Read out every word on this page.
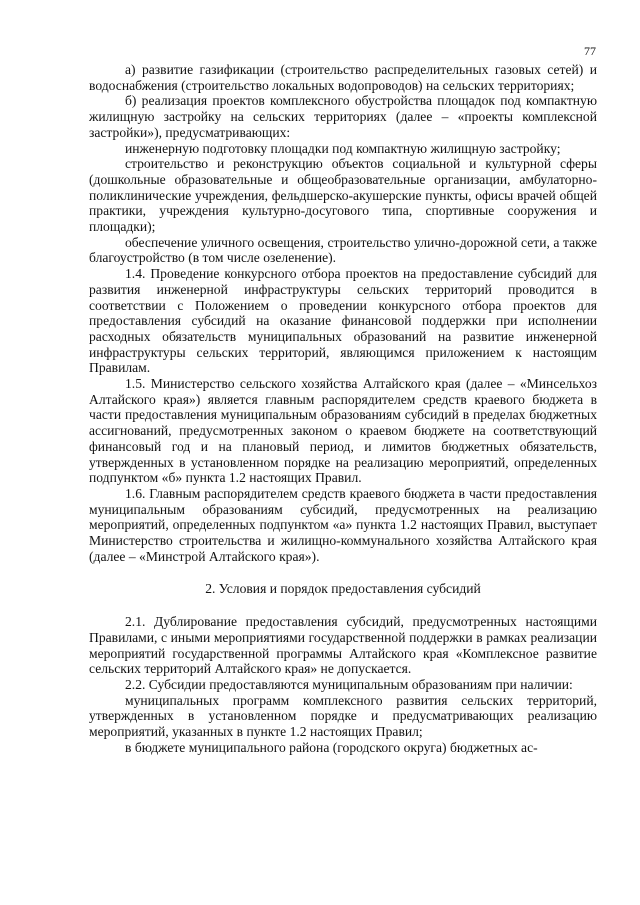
77

а) развитие газификации (строительство распределительных газовых сетей) и водоснабжения (строительство локальных водопроводов) на сельских территориях;

б) реализация проектов комплексного обустройства площадок под компактную жилищную застройку на сельских территориях (далее – «проекты комплексной застройки»), предусматривающих:

инженерную подготовку площадки под компактную жилищную застройку;

строительство и реконструкцию объектов социальной и культурной сферы (дошкольные образовательные и общеобразовательные организации, амбулаторно-поликлинические учреждения, фельдшерско-акушерские пункты, офисы врачей общей практики, учреждения культурно-досугового типа, спортивные сооружения и площадки);

обеспечение уличного освещения, строительство улично-дорожной сети, а также благоустройство (в том числе озеленение).

1.4. Проведение конкурсного отбора проектов на предоставление субсидий для развития инженерной инфраструктуры сельских территорий проводится в соответствии с Положением о проведении конкурсного отбора проектов для предоставления субсидий на оказание финансовой поддержки при исполнении расходных обязательств муниципальных образований на развитие инженерной инфраструктуры сельских территорий, являющимся приложением к настоящим Правилам.

1.5. Министерство сельского хозяйства Алтайского края (далее – «Минсельхоз Алтайского края») является главным распорядителем средств краевого бюджета в части предоставления муниципальным образованиям субсидий в пределах бюджетных ассигнований, предусмотренных законом о краевом бюджете на соответствующий финансовый год и на плановый период, и лимитов бюджетных обязательств, утвержденных в установленном порядке на реализацию мероприятий, определенных подпунктом «б» пункта 1.2 настоящих Правил.

1.6. Главным распорядителем средств краевого бюджета в части предоставления муниципальным образованиям субсидий, предусмотренных на реализацию мероприятий, определенных подпунктом «а» пункта 1.2 настоящих Правил, выступает Министерство строительства и жилищно-коммунального хозяйства Алтайского края (далее – «Минстрой Алтайского края»).

2. Условия и порядок предоставления субсидий

2.1. Дублирование предоставления субсидий, предусмотренных настоящими Правилами, с иными мероприятиями государственной поддержки в рамках реализации мероприятий государственной программы Алтайского края «Комплексное развитие сельских территорий Алтайского края» не допускается.

2.2. Субсидии предоставляются муниципальным образованиям при наличии:

муниципальных программ комплексного развития сельских территорий, утвержденных в установленном порядке и предусматривающих реализацию мероприятий, указанных в пункте 1.2 настоящих Правил;

в бюджете муниципального района (городского округа) бюджетных ас-
